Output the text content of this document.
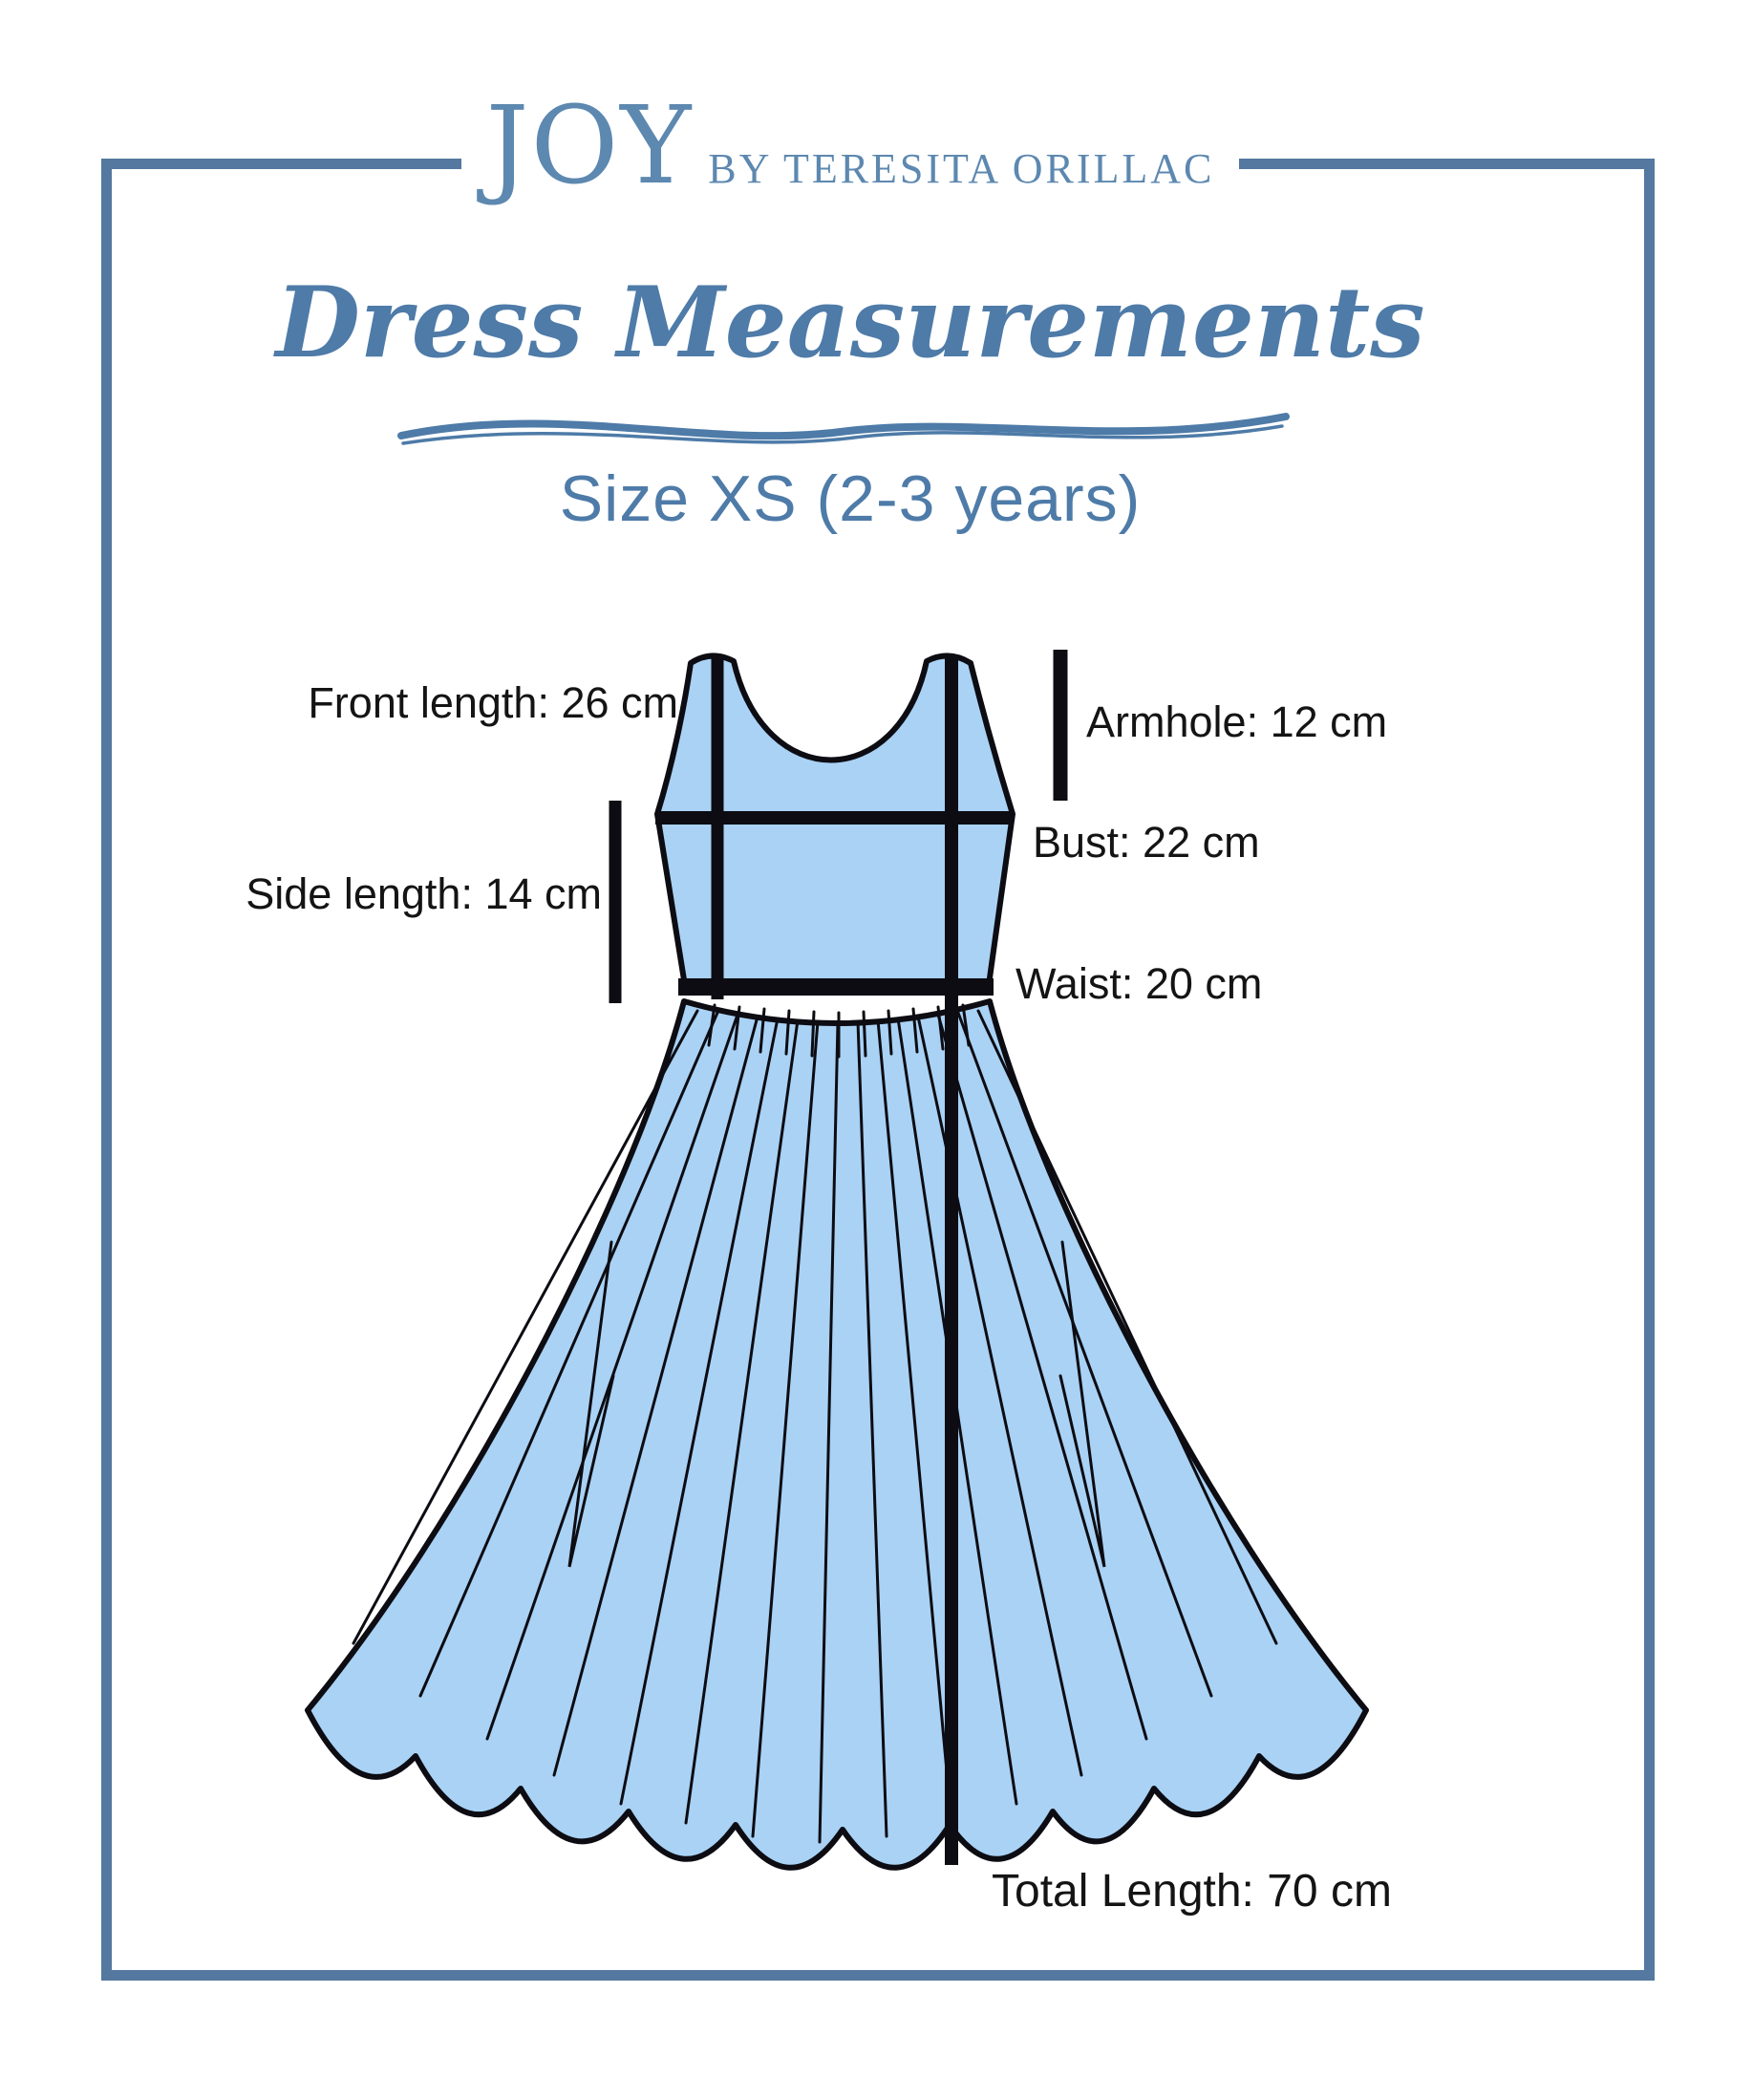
JOY BY TERESITA ORILLAC
Dress Measurements
Size XS (2-3 years)
Front length: 26 cm	Armhole: 12 cm
Bust: 22 cm
Side length: 14 cm
Waist: 20 cm
Total Length: 70 cm
